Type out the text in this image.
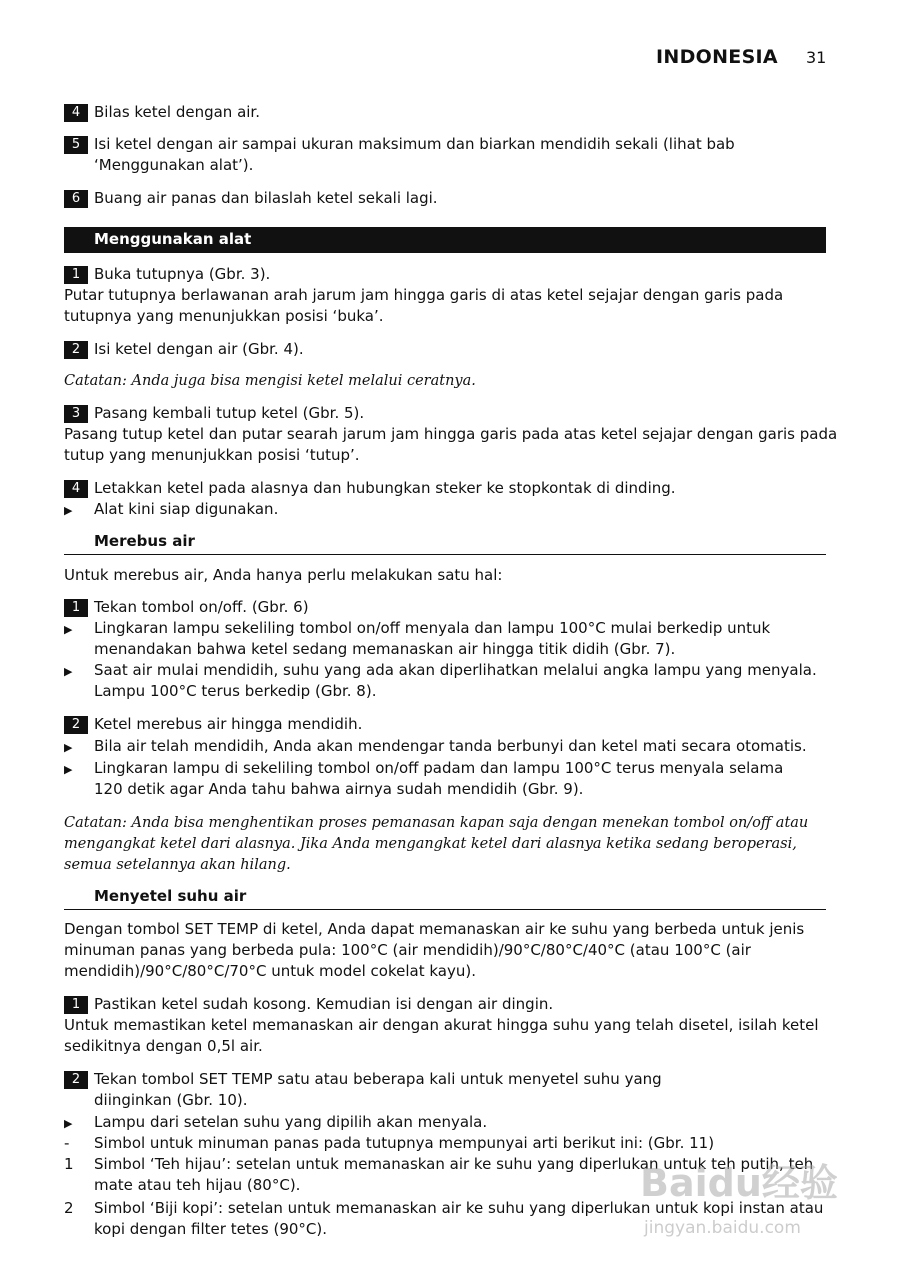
INDONESIA 31
4 Bilas ketel dengan air.
5 Isi ketel dengan air sampai ukuran maksimum dan biarkan mendidih sekali (lihat bab
‘Menggunakan alat’).
6 Buang air panas dan bilaslah ketel sekali lagi.
Menggunakan alat
1 Buka tutupnya (Gbr. 3).
Putar tutupnya berlawanan arah jarum jam hingga garis di atas ketel sejajar dengan garis pada
tutupnya yang menunjukkan posisi ‘buka’.
2 Isi ketel dengan air (Gbr. 4).
Catatan: Anda juga bisa mengisi ketel melalui ceratnya.
3 Pasang kembali tutup ketel (Gbr. 5).
Pasang tutup ketel dan putar searah jarum jam hingga garis pada atas ketel sejajar dengan garis pada
tutup yang menunjukkan posisi ‘tutup’.
4 Letakkan ketel pada alasnya dan hubungkan steker ke stopkontak di dinding.
▶ Alat kini siap digunakan.
Merebus air
Untuk merebus air, Anda hanya perlu melakukan satu hal:
1 Tekan tombol on/off. (Gbr. 6)
▶ Lingkaran lampu sekeliling tombol on/off menyala dan lampu 100°C mulai berkedip untuk
menandakan bahwa ketel sedang memanaskan air hingga titik didih (Gbr. 7).
▶ Saat air mulai mendidih, suhu yang ada akan diperlihatkan melalui angka lampu yang menyala.
Lampu 100°C terus berkedip (Gbr. 8).
2 Ketel merebus air hingga mendidih.
▶ Bila air telah mendidih, Anda akan mendengar tanda berbunyi dan ketel mati secara otomatis.
▶ Lingkaran lampu di sekeliling tombol on/off padam dan lampu 100°C terus menyala selama
120 detik agar Anda tahu bahwa airnya sudah mendidih (Gbr. 9).
Catatan: Anda bisa menghentikan proses pemanasan kapan saja dengan menekan tombol on/off atau
mengangkat ketel dari alasnya. Jika Anda mengangkat ketel dari alasnya ketika sedang beroperasi,
semua setelannya akan hilang.
Menyetel suhu air
Dengan tombol SET TEMP di ketel, Anda dapat memanaskan air ke suhu yang berbeda untuk jenis
minuman panas yang berbeda pula: 100°C (air mendidih)/90°C/80°C/40°C (atau 100°C (air
mendidih)/90°C/80°C/70°C untuk model cokelat kayu).
1 Pastikan ketel sudah kosong. Kemudian isi dengan air dingin.
Untuk memastikan ketel memanaskan air dengan akurat hingga suhu yang telah disetel, isilah ketel
sedikitnya dengan 0,5l air.
2 Tekan tombol SET TEMP satu atau beberapa kali untuk menyetel suhu yang
diinginkan (Gbr. 10).
▶ Lampu dari setelan suhu yang dipilih akan menyala.
- Simbol untuk minuman panas pada tutupnya mempunyai arti berikut ini: (Gbr. 11)
1 Simbol ‘Teh hijau’: setelan untuk memanaskan air ke suhu yang diperlukan untuk teh putih, teh
mate atau teh hijau (80°C).
2 Simbol ‘Biji kopi’: setelan untuk memanaskan air ke suhu yang diperlukan untuk kopi instan atau
kopi dengan filter tetes (90°C).
Baidu经验
jingyan.baidu.com
